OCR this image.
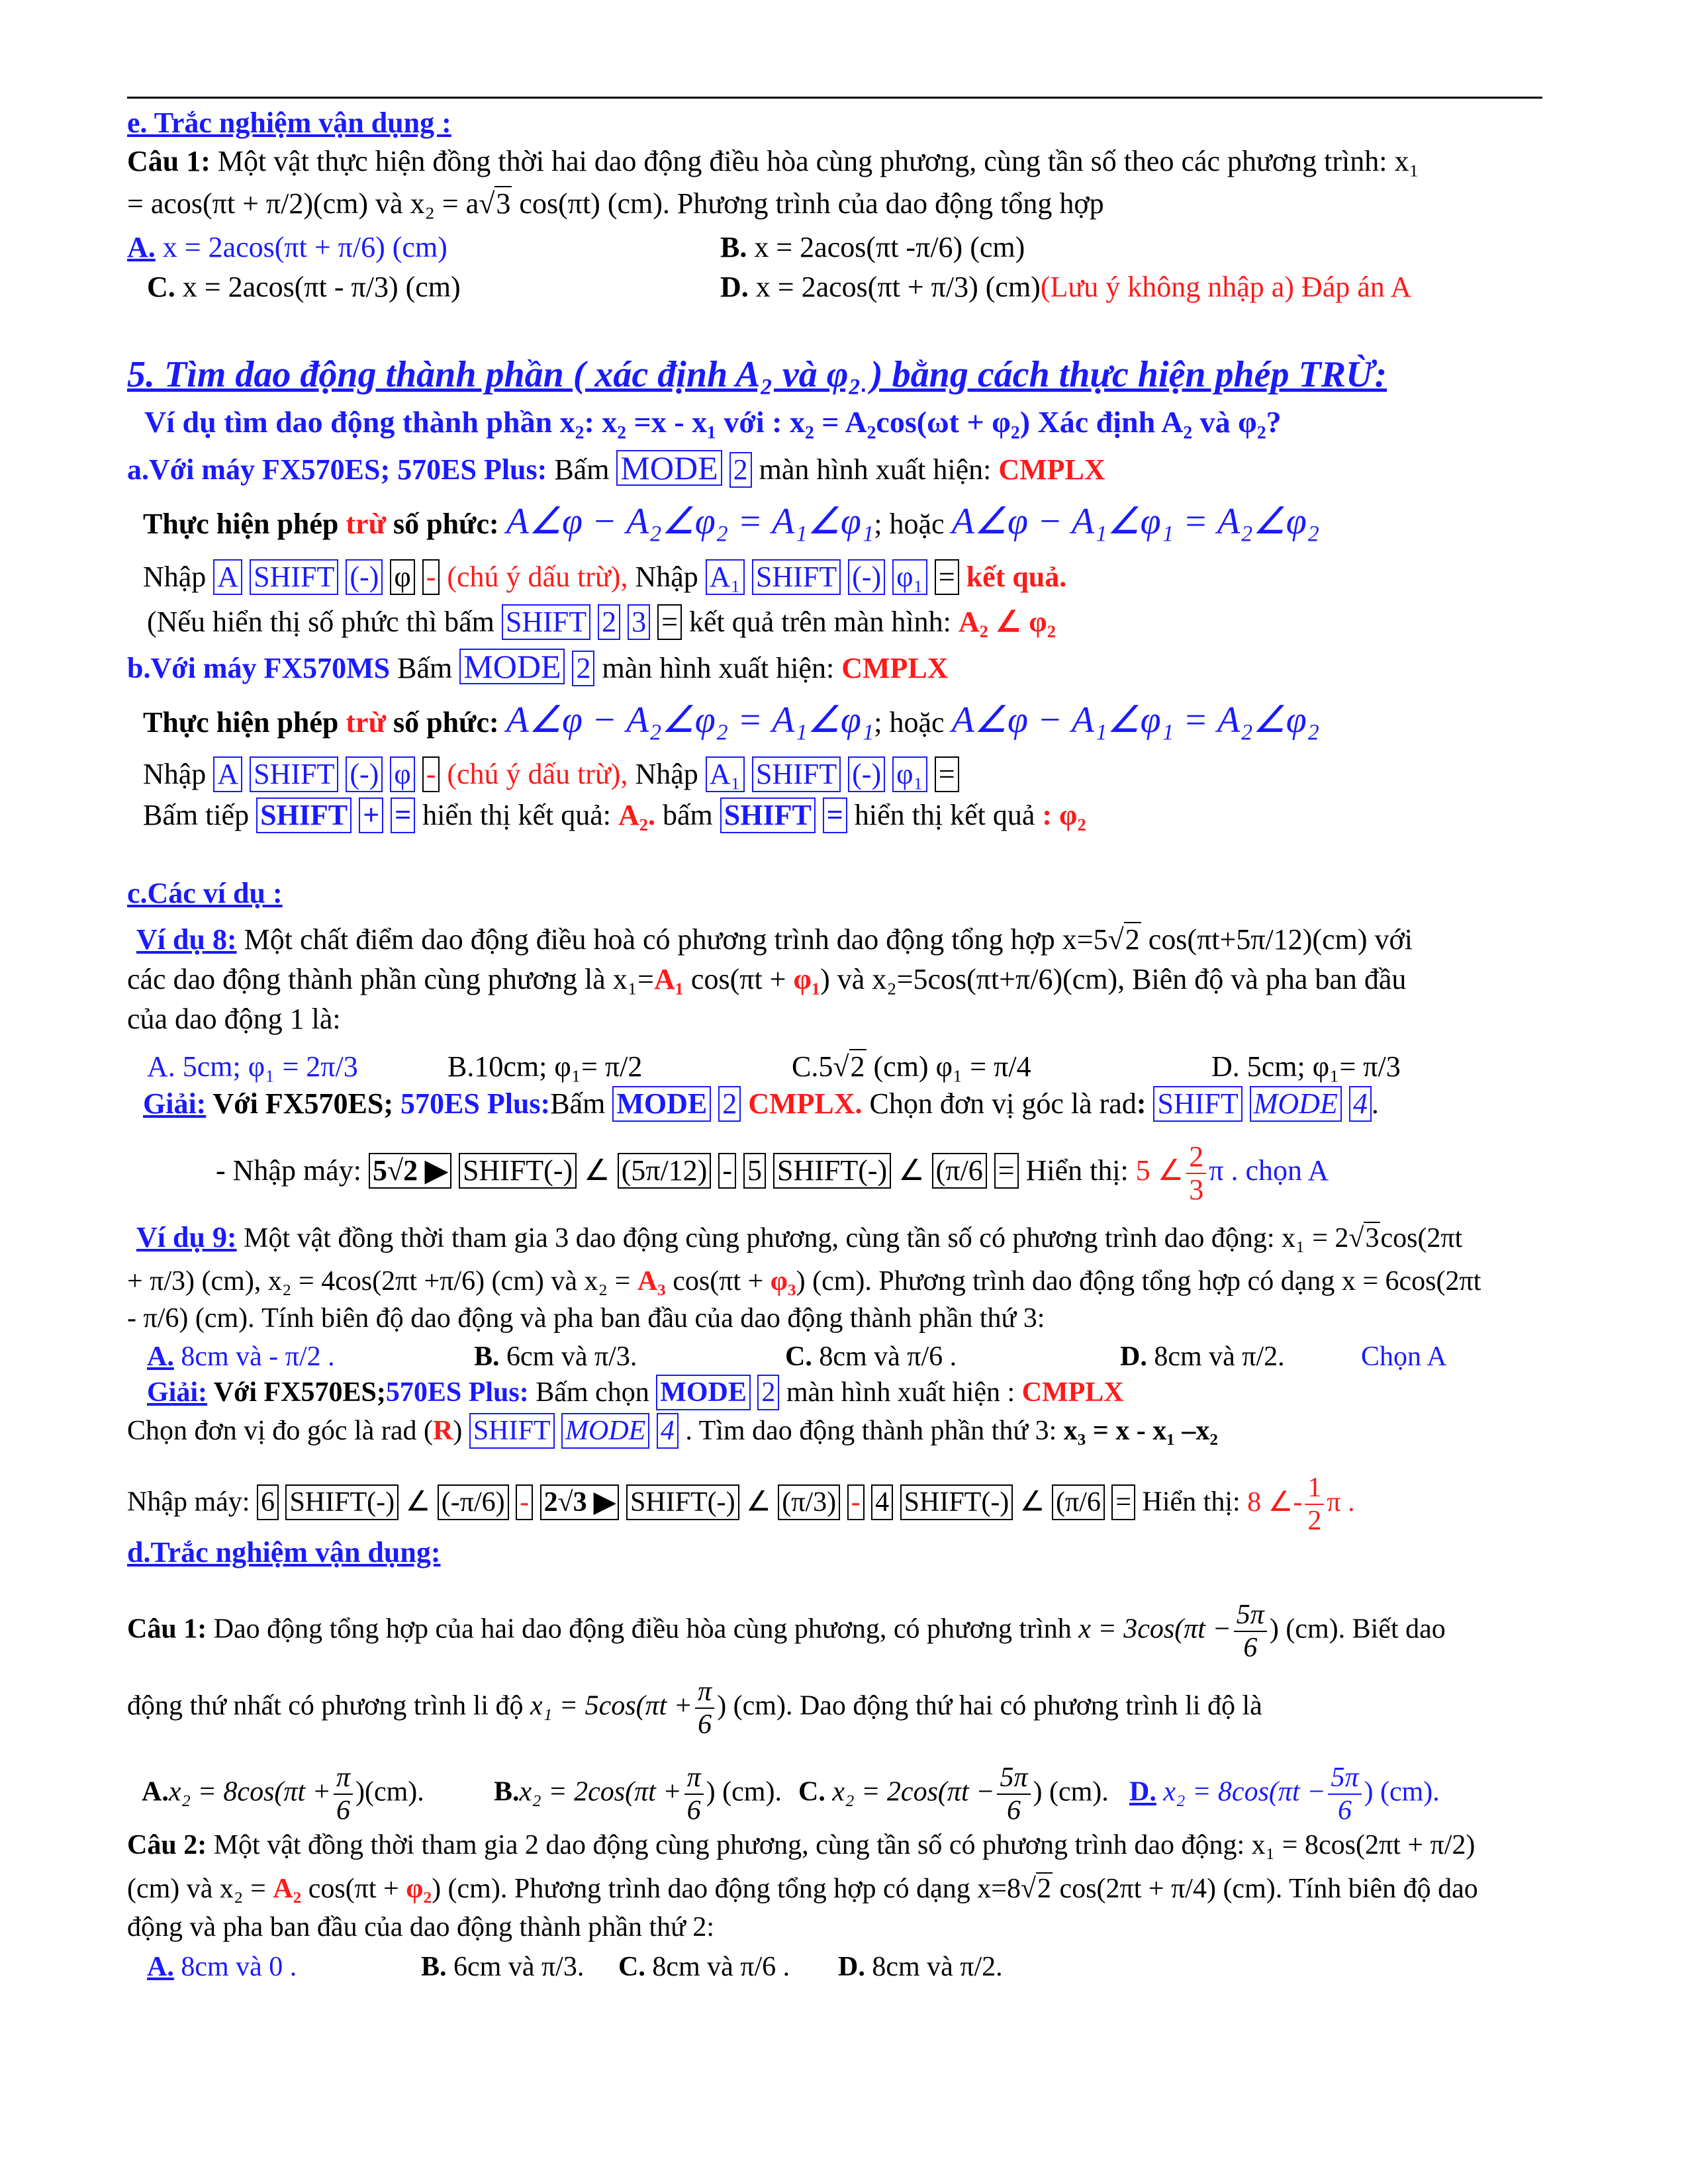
e. Trắc nghiệm vận dụng :
Câu 1: Một vật thực hiện đồng thời hai dao động điều hòa cùng phương, cùng tần số theo các phương trình: x₁
= acos(πt + π/2)(cm) và x₂ = a√3 cos(πt) (cm). Phương trình của dao động tổng hợp
A. x = 2acos(πt + π/6) (cm)	B. x = 2acos(πt -π/6) (cm)
C. x = 2acos(πt - π/3) (cm)	D. x = 2acos(πt + π/3) (cm)(Lưu ý không nhập a) Đáp án A
5. Tìm dao động thành phần ( xác định A₂ và φ₂ ) bằng cách thực hiện phép TRỪ:
Ví dụ tìm dao động thành phần x₂: x₂ =x - x₁ với : x₂ = A₂cos(ωt + φ₂) Xác định A₂ và φ₂?
a.Với máy FX570ES; 570ES Plus: Bấm MODE 2 màn hình xuất hiện: CMPLX
Thực hiện phép trừ số phức: A∠φ − A₂∠φ₂ = A₁∠φ₁; hoặc A∠φ − A₁∠φ₁ = A₂∠φ₂
Nhập A SHIFT (-) φ - (chú ý dấu trừ), Nhập A₁ SHIFT (-) φ₁ = kết quả.
(Nếu hiển thị số phức thì bấm SHIFT 2 3 = kết quả trên màn hình: A₂ ∠ φ₂
b.Với máy FX570MS Bấm MODE 2 màn hình xuất hiện: CMPLX
Thực hiện phép trừ số phức: A∠φ − A₂∠φ₂ = A₁∠φ₁; hoặc A∠φ − A₁∠φ₁ = A₂∠φ₂
Nhập A SHIFT (-) φ - (chú ý dấu trừ), Nhập A₁ SHIFT (-) φ₁ =
Bấm tiếp SHIFT + = hiển thị kết quả: A₂. bấm SHIFT = hiển thị kết quả : φ₂
c.Các ví dụ :
Ví dụ 8: Một chất điểm dao động điều hoà có phương trình dao động tổng hợp x=5√2 cos(πt+5π/12)(cm) với
các dao động thành phần cùng phương là x₁=A₁ cos(πt + φ₁) và x₂=5cos(πt+π/6)(cm), Biên độ và pha ban đầu
của dao động 1 là:
A. 5cm; φ₁ = 2π/3	B.10cm; φ₁= π/2	C.5√2 (cm) φ₁ = π/4	D. 5cm; φ₁= π/3
Giải: Với FX570ES; 570ES Plus:Bấm MODE 2 CMPLX. Chọn đơn vị góc là rad: SHIFT MODE 4 .
- Nhập máy: 5√2 ▶ SHIFT(-) ∠ (5π/12) - 5 SHIFT(-) ∠ (π/6 = Hiển thị: 5 ∠ $\frac{2}{3}$ π . chọn A
Ví dụ 9: Một vật đồng thời tham gia 3 dao động cùng phương, cùng tần số có phương trình dao động: x₁ = 2√3cos(2πt
+ π/3) (cm), x₂ = 4cos(2πt +π/6) (cm) và x₂ = A₃ cos(πt + φ₃) (cm). Phương trình dao động tổng hợp có dạng x = 6cos(2πt
- π/6) (cm). Tính biên độ dao động và pha ban đầu của dao động thành phần thứ 3:
A. 8cm và - π/2 .	B. 6cm và π/3.	C. 8cm và π/6 .	D. 8cm và π/2.	Chọn A
Giải: Với FX570ES;570ES Plus: Bấm chọn MODE 2 màn hình xuất hiện : CMPLX
Chọn đơn vị đo góc là rad (R) SHIFT MODE 4 . Tìm dao động thành phần thứ 3: x₃ = x - x₁ –x₂
Nhập máy: 6 SHIFT(-) ∠ (-π/6) - 2√3 ▶ SHIFT(-) ∠ (π/3) - 4 SHIFT(-) ∠ (π/6 = Hiển thị: 8 ∠- $\frac{1}{2}$ π .
d.Trắc nghiệm vận dụng:
Câu 1: Dao động tổng hợp của hai dao động điều hòa cùng phương, có phương trình $x = 3\cos(\pi t - \frac{5\pi}{6}$ ) (cm). Biết dao
động thứ nhất có phương trình li độ $x_1 = 5\cos(\pi t + \frac{\pi}{6}$ ) (cm). Dao động thứ hai có phương trình li độ là
$A.x_2 = 8\cos(\pi t + \frac{\pi}{6} )(cm)$.	$B.x_2 = 2\cos(\pi t + \frac{\pi}{6}$ ) (cm). C. $x_2 = 2\cos(\pi t - \frac{5\pi}{6}$ ) (cm). D. $x_2 = 8\cos(\pi t - \frac{5\pi}{6}$ ) (cm).
Câu 2: Một vật đồng thời tham gia 2 dao động cùng phương, cùng tần số có phương trình dao động: x₁ = 8cos(2πt + π/2)
(cm) và x₂ = A₂ cos(πt + φ₂) (cm). Phương trình dao động tổng hợp có dạng x=8√2 cos(2πt + π/4) (cm). Tính biên độ dao
động và pha ban đầu của dao động thành phần thứ 2:
A. 8cm và 0 .	B. 6cm và π/3. C. 8cm và π/6 . D. 8cm và π/2.
